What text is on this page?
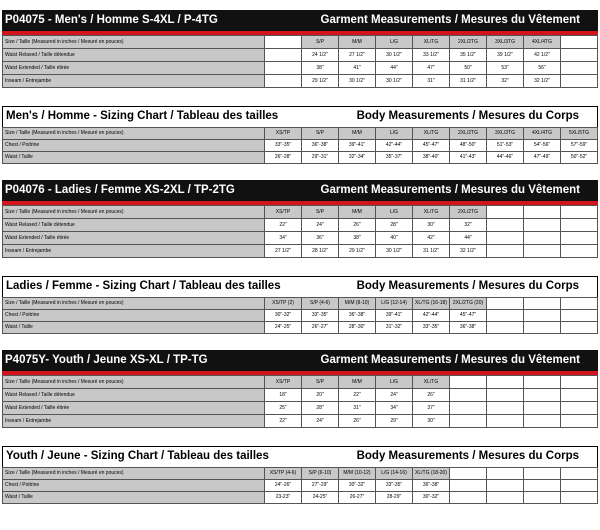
P04075 - Men's / Homme S-4XL / P-4TG	Garment Measurements / Mesures du Vêtement
Size / Taille (Measured in inches / Mesuré en pouces)	S/P	M/M	L/G	XL/TG	2XL/2TG	3XL/3TG	4XL/4TG
Waist Relaxed / Taille détendue	24 1/2"	27 1/2"	30 1/2"	33 1/2"	35 1/2"	39 1/2"	42 1/2"
Waist Extended / Taille étirée	38"	41"	44"	47"	50"	53"	56"
Inseam / Entrejambe	29 1/2"	30 1/2"	30 1/2"	31"	31 1/2"	32"	32 1/2"
Men's / Homme - Sizing Chart / Tableau des tailles	Body Measurements / Mesures du Corps
Size / Taille (Measured in inches / Mesuré en pouces)	XS/TP	S/P	M/M	L/G	XL/TG	2XL/2TG	3XL/3TG	4XL/4TG	5XL/5TG
Chest / Poitrine	33"-35"	36"-38"	39"-41"	42"-44"	45"-47"	48"-50"	51"-53"	54"-56"	57"-59"
Waist / Taille	26"-28"	29"-31"	32"-34"	35"-37"	38"-40"	41"-43"	44"-46"	47"-49"	50"-52"
P04076 - Ladies / Femme XS-2XL / TP-2TG	Garment Measurements / Mesures du Vêtement
Size / Taille (Measured in inches / Mesuré en pouces)	XS/TP	S/P	M/M	L/G	XL/TG	2XL/2TG
Waist Relaxed / Taille détendue	22"	24"	26"	28"	30"	32"
Waist Extended / Taille étirée	34"	36"	38"	40"	42"	44"
Inseam / Entrejambe	27 1/2"	28 1/2"	29 1/2"	30 1/2"	31 1/2"	32 1/2"
Ladies / Femme - Sizing Chart / Tableau des tailles	Body Measurements / Mesures du Corps
Size / Taille (Measured in inches / Mesuré en pouces)	XS/TP (2)	S/P (4-6)	M/M (8-10)	L/G (12-14)	XL/TG (16-18)	2XL/2TG (20)
Chest / Poitrine	30"-32"	33"-35"	36"-38"	39"-41"	42"-44"	45"-47"
Waist / Taille	24"-25"	26"-27"	28"-30"	31"-32"	33"-35"	36"-38"
P4075Y- Youth / Jeune XS-XL / TP-TG	Garment Measurements / Mesures du Vêtement
Size / Taille (Measured in inches / Mesuré en pouces)	XS/TP	S/P	M/M	L/G	XL/TG
Waist Relaxed / Taille détendue	18"	20"	22"	24"	26"
Waist Extended / Taille étirée	25"	28"	31"	34"	37"
Inseam / Entrejambe	22"	24"	26"	29"	30"
Youth / Jeune - Sizing Chart / Tableau des tailles	Body Measurements / Mesures du Corps
Size / Taille (Measured in inches / Mesuré en pouces)	XS/TP (4-6)	S/P (6-10)	M/M (10-12)	L/G (14-16)	XL/TG (18-20)
Chest / Poitrine	24"-26"	27"-29"	30"-32"	33"-35"	36"-38"
Waist / Taille	23-23"	24-25"	26-27"	28-29"	30"-32"
